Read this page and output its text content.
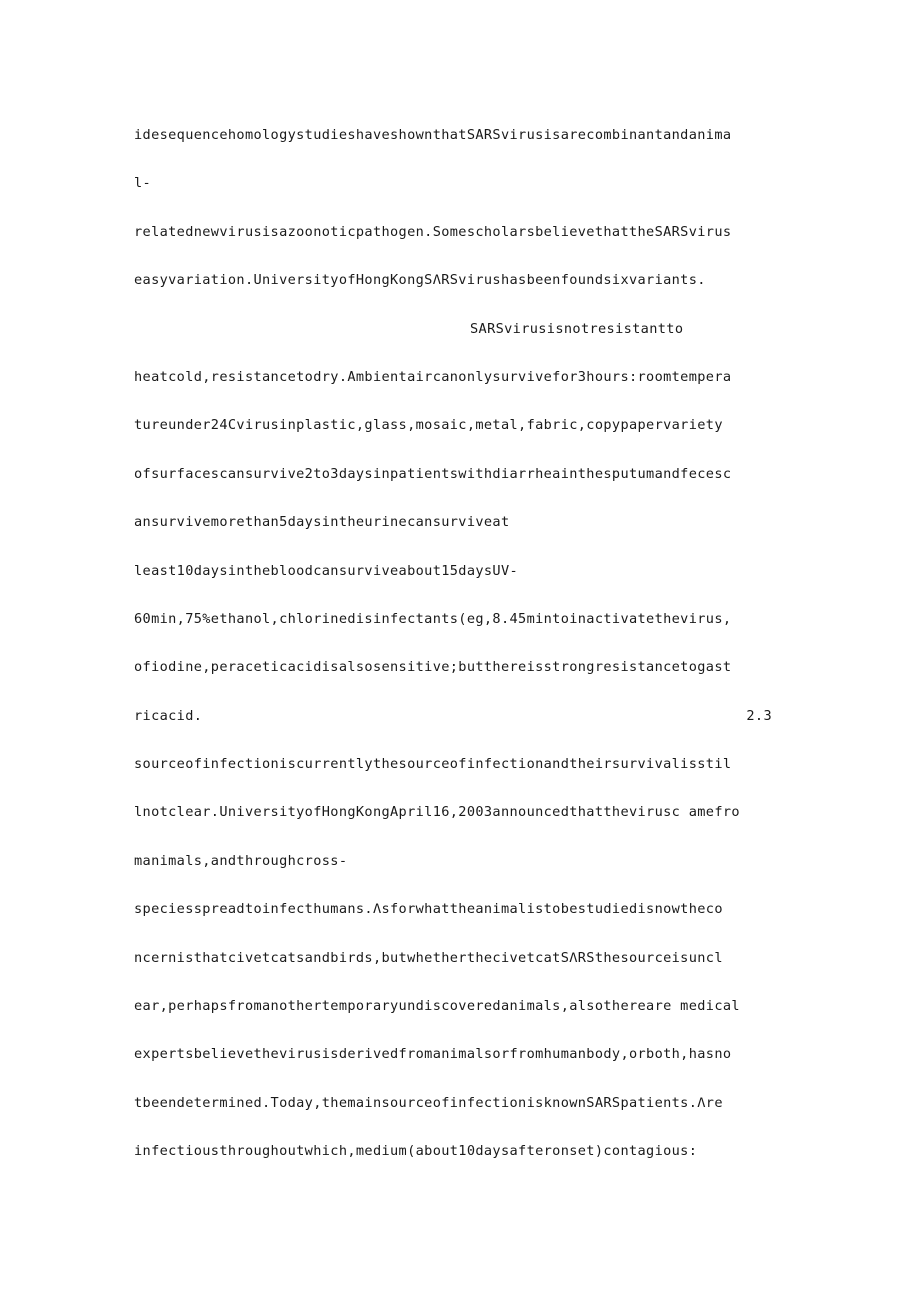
idesequencehomologystudieshaveshownthatSARSvirusisarecombinantandanima
l-
relatednewvirusisazoonoticpathogen.SomescholarsbelievethattheSARSvirus
easyvariation.UniversityofHongKongSΛRSvirushasbeenfoundsixvariants.
SARSvirusisnotresistantto
heatcold,resistancetodry.Ambientaircanonlysurvivefor3hours:roomtempera
tureunder24Cvirusinplastic,glass,mosaic,metal,fabric,copypapervariety
ofsurfacescansurvive2to3daysinpatientswithdiarrheainthesputumandfecesc
ansurvivemorethan5daysintheurinecansurviveat
least10daysinthebloodcansurviveabout15daysUV-
60min,75%ethanol,chlorinedisinfectants(eg,8.45mintoinactivatethevirus,
ofiodine,peraceticacidisalsosensitive;butthereisstrongresistancetogast
ricacid.	2.3
sourceofinfectioniscurrentlythesourceofinfectionandtheirsurvivalisstil
lnotclear.UniversityofHongKongApril16,2003announcedthatthevirusc amefro
manimals,andthroughcross-
speciesspreadtoinfecthumans.Λsforwhattheanimalistobestudiedisnowtheco
ncernisthatcivetcatsandbirds,butwhetherthecivetcatSΛRSthesourceisuncl
ear,perhapsfromanothertemporaryundiscoveredanimals,alsothereare medical
expertsbelievethevirusisderivedfromanimalsorfromhumanbody,orboth,hasno
tbeendetermined.Today,themainsourceofinfectionisknownSARSpatients.Λre
infectiousthroughoutwhich,medium(about10daysafteronset)contagious:
